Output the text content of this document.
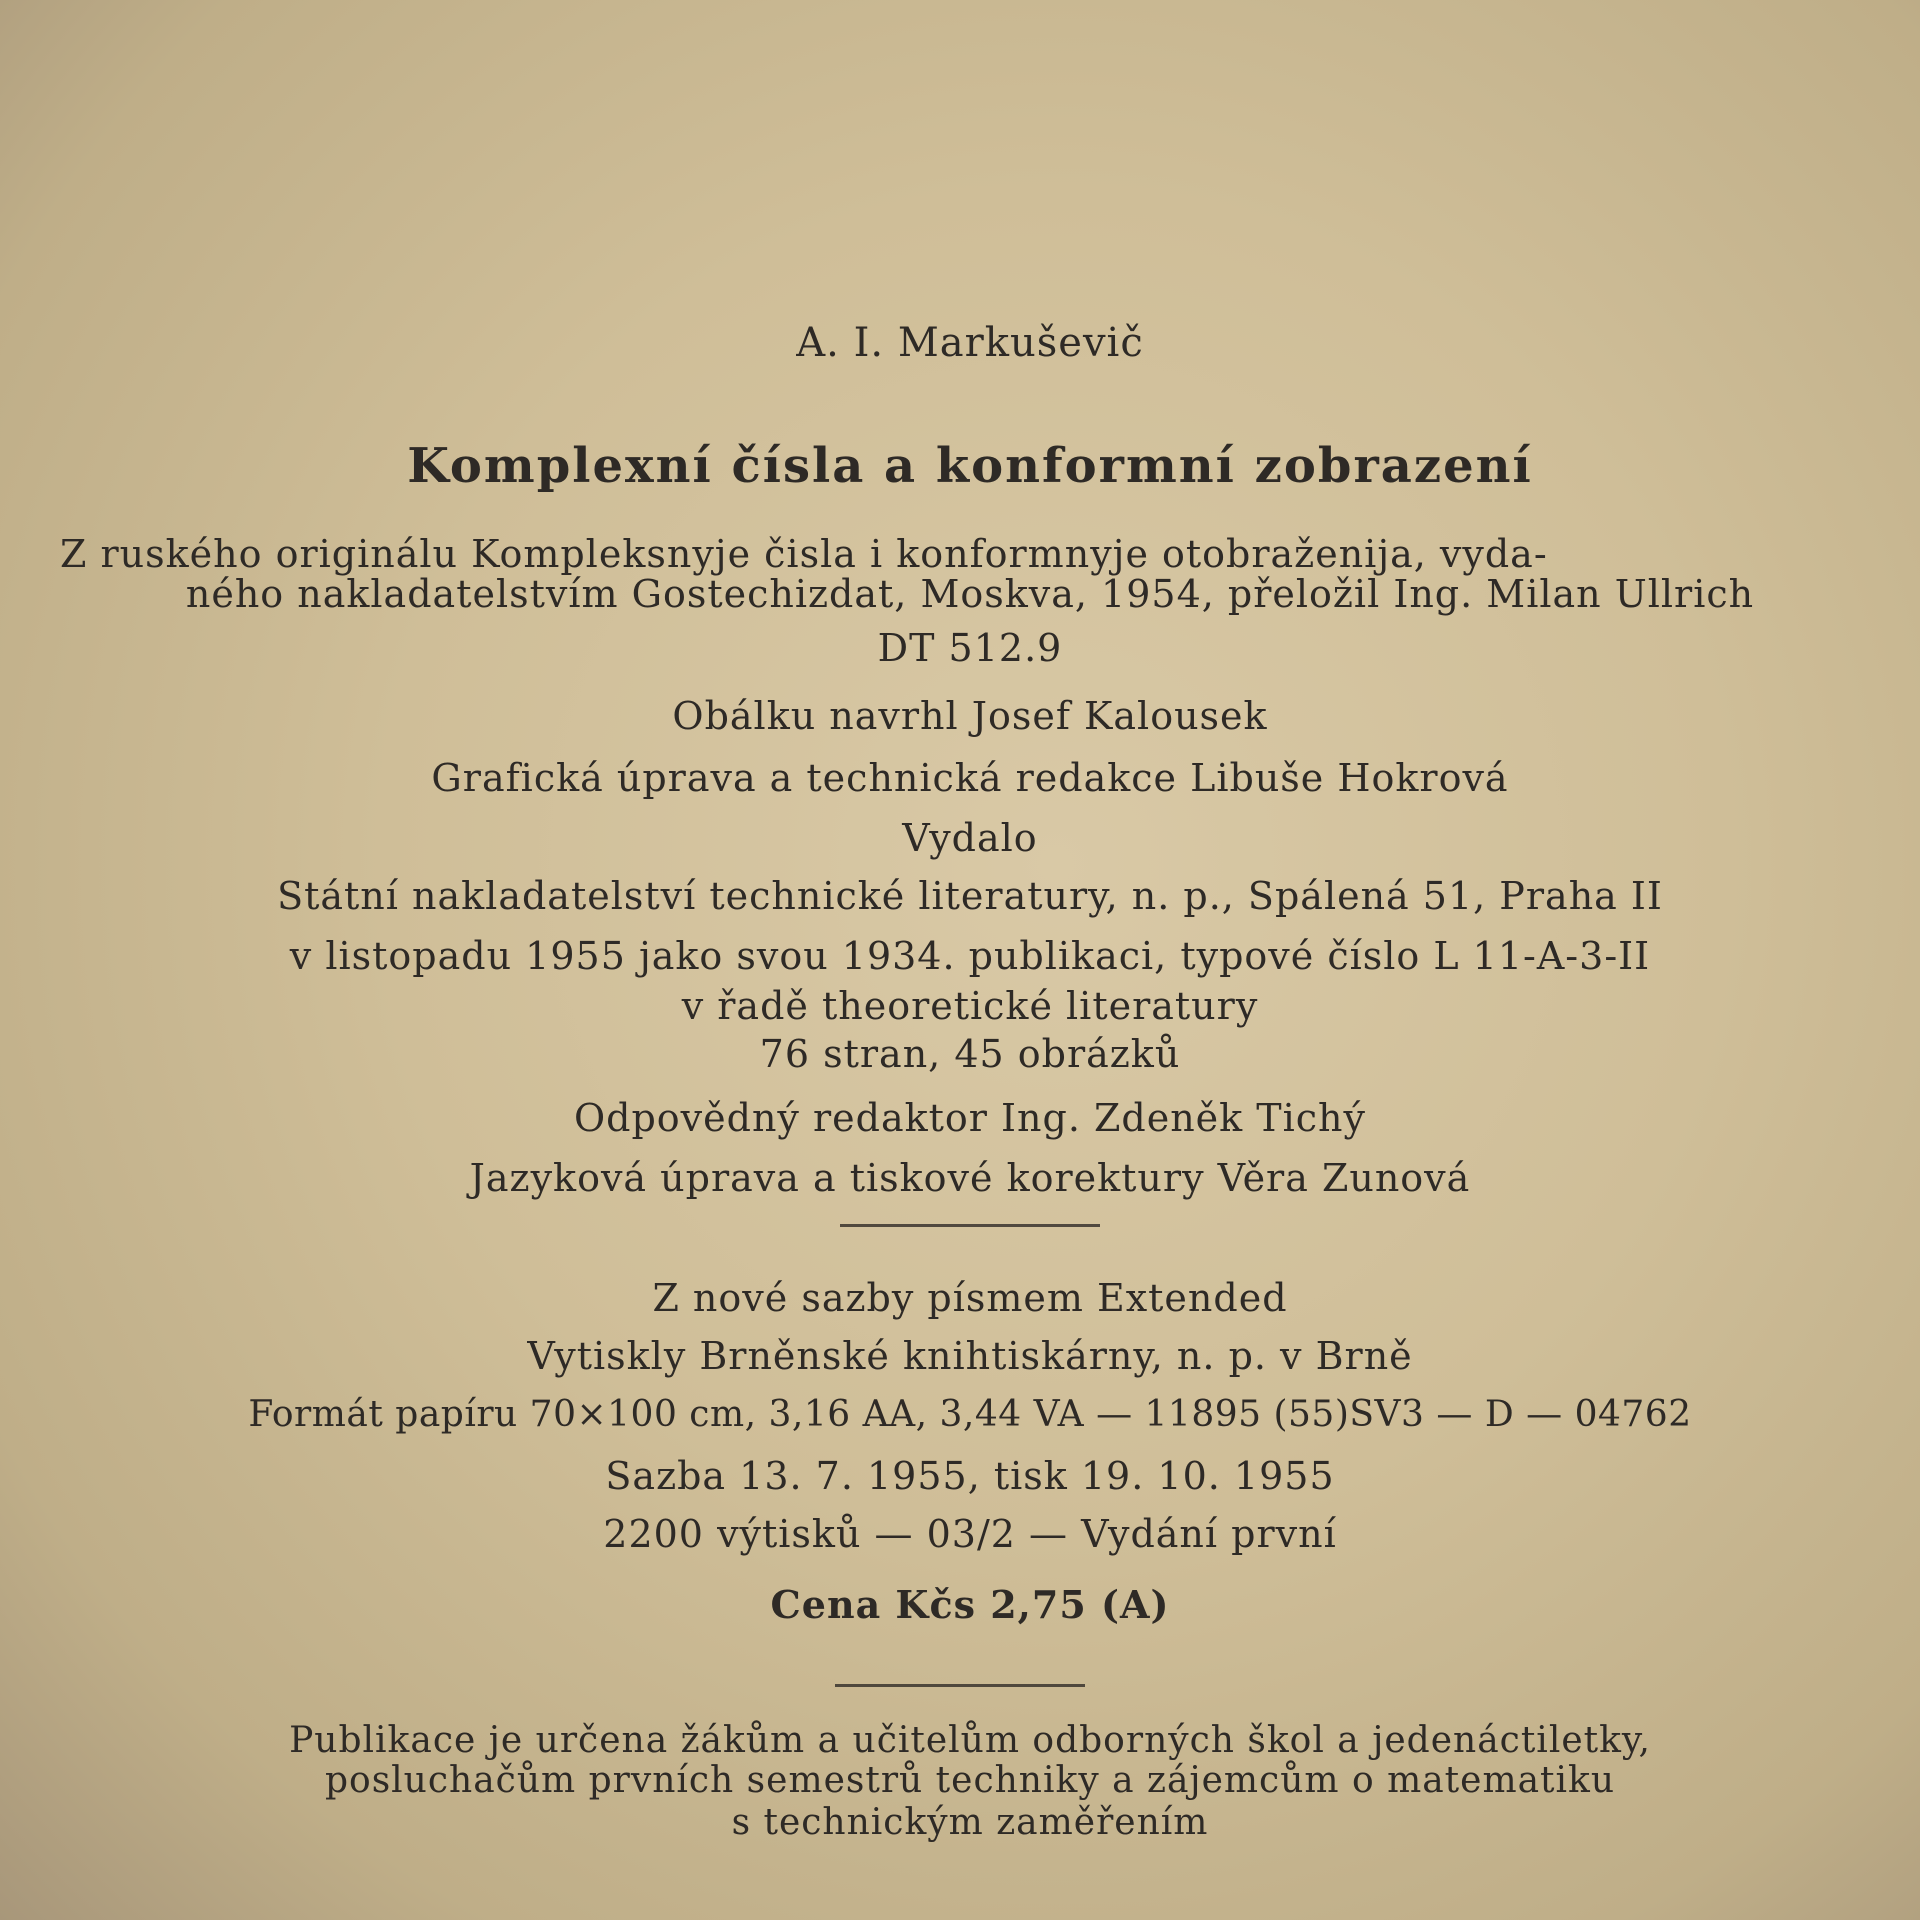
A. I. Markuševič
Komplexní čísla a konformní zobrazení
Z ruského originálu Kompleksnyje čisla i konformnyje otobraženija, vyda-
ného nakladatelstvím Gostechizdat, Moskva, 1954, přeložil Ing. Milan Ullrich
DT 512.9
Obálku navrhl Josef Kalousek
Grafická úprava a technická redakce Libuše Hokrová
Vydalo
Státní nakladatelství technické literatury, n. p., Spálená 51, Praha II
v listopadu 1955 jako svou 1934. publikaci, typové číslo L 11-A-3-II
v řadě theoretické literatury
76 stran, 45 obrázků
Odpovědný redaktor Ing. Zdeněk Tichý
Jazyková úprava a tiskové korektury Věra Zunová
Z nové sazby písmem Extended
Vytiskly Brněnské knihtiskárny, n. p. v Brně
Formát papíru 70×100 cm, 3,16 AA, 3,44 VA — 11895 (55)SV3 — D — 04762
Sazba 13. 7. 1955, tisk 19. 10. 1955
2200 výtisků — 03/2 — Vydání první
Cena Kčs 2,75 (A)
Publikace je určena žákům a učitelům odborných škol a jedenáctiletky,
posluchačům prvních semestrů techniky a zájemcům o matematiku
s technickým zaměřením
